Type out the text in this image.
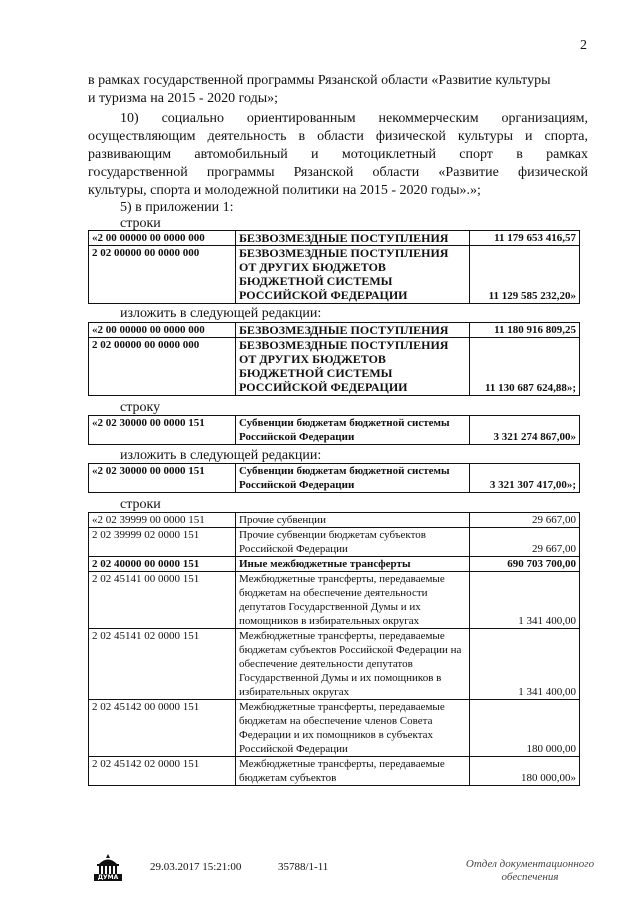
2
в рамках государственной программы Рязанской области «Развитие культуры
и туризма на 2015 - 2020 годы»;
10) социально ориентированным некоммерческим организациям,
осуществляющим деятельность в области физической культуры и спорта,
развивающим автомобильный и мотоциклетный спорт в рамках
государственной программы Рязанской области «Развитие физической
культуры, спорта и молодежной политики на 2015 - 2020 годы».»;
5) в приложении 1:
строки
«2 00 00000 00 0000 000	БЕЗВОЗМЕЗДНЫЕ ПОСТУПЛЕНИЯ	11 179 653 416,57
2 02 00000 00 0000 000	БЕЗВОЗМЕЗДНЫЕ ПОСТУПЛЕНИЯ ОТ ДРУГИХ БЮДЖЕТОВ БЮДЖЕТНОЙ СИСТЕМЫ РОССИЙСКОЙ ФЕДЕРАЦИИ	11 129 585 232,20»
изложить в следующей редакции:
«2 00 00000 00 0000 000	БЕЗВОЗМЕЗДНЫЕ ПОСТУПЛЕНИЯ	11 180 916 809,25
2 02 00000 00 0000 000	БЕЗВОЗМЕЗДНЫЕ ПОСТУПЛЕНИЯ ОТ ДРУГИХ БЮДЖЕТОВ БЮДЖЕТНОЙ СИСТЕМЫ РОССИЙСКОЙ ФЕДЕРАЦИИ	11 130 687 624,88»;
строку
«2 02 30000 00 0000 151	Субвенции бюджетам бюджетной системы Российской Федерации	3 321 274 867,00»
изложить в следующей редакции:
«2 02 30000 00 0000 151	Субвенции бюджетам бюджетной системы Российской Федерации	3 321 307 417,00»;
строки
«2 02 39999 00 0000 151	Прочие субвенции	29 667,00
2 02 39999 02 0000 151	Прочие субвенции бюджетам субъектов Российской Федерации	29 667,00
2 02 40000 00 0000 151	Иные межбюджетные трансферты	690 703 700,00
2 02 45141 00 0000 151	Межбюджетные трансферты, передаваемые бюджетам на обеспечение деятельности депутатов Государственной Думы и их помощников в избирательных округах	1 341 400,00
2 02 45141 02 0000 151	Межбюджетные трансферты, передаваемые бюджетам субъектов Российской Федерации на обеспечение деятельности депутатов Государственной Думы и их помощников в избирательных округах	1 341 400,00
2 02 45142 00 0000 151	Межбюджетные трансферты, передаваемые бюджетам на обеспечение членов Совета Федерации и их помощников в субъектах Российской Федерации	180 000,00
2 02 45142 02 0000 151	Межбюджетные трансферты, передаваемые бюджетам субъектов	180 000,00»
ДУМА
29.03.2017 15:21:00	35788/1-11	Отдел документационного обеспечения
